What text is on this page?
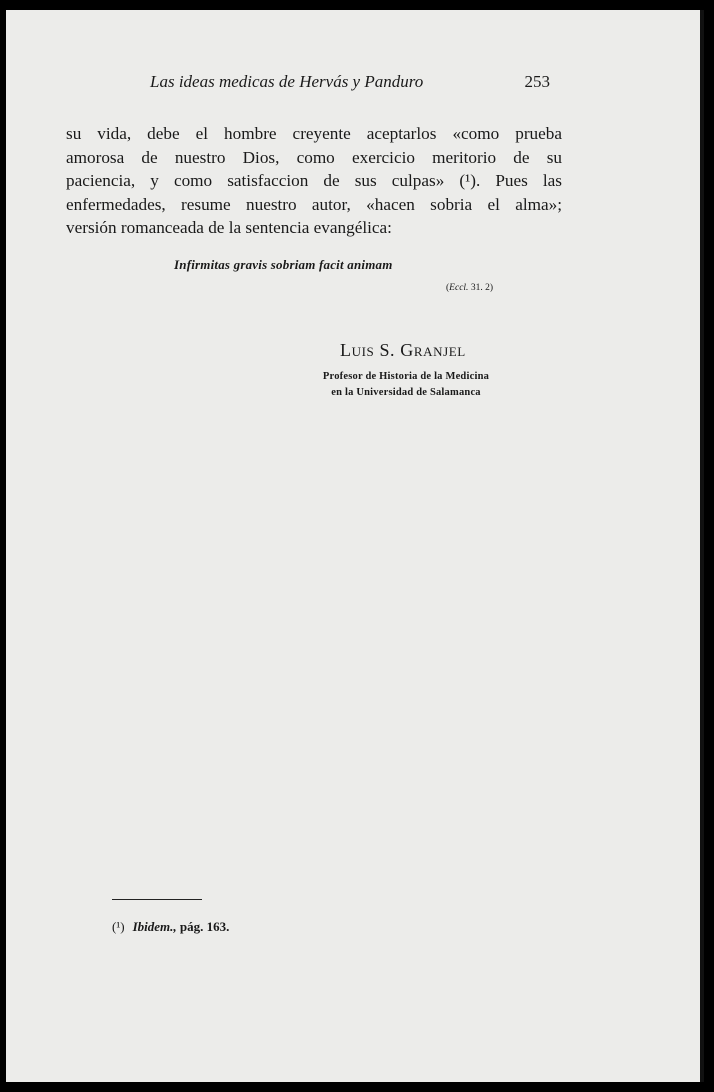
Las ideas medicas de Hervás y Panduro	253
su vida, debe el hombre creyente aceptarlos «como prueba
amorosa de nuestro Dios, como exercicio meritorio de su
paciencia, y como satisfaccion de sus culpas» (¹). Pues las
enfermedades, resume nuestro autor, «hacen sobria el alma»;
versión romanceada de la sentencia evangélica:
Infirmitas gravis sobriam facit animam
(Eccl. 31. 2)
Luis S. Granjel
Profesor de Historia de la Medicina
en la Universidad de Salamanca
(¹) Ibidem., pág. 163.
